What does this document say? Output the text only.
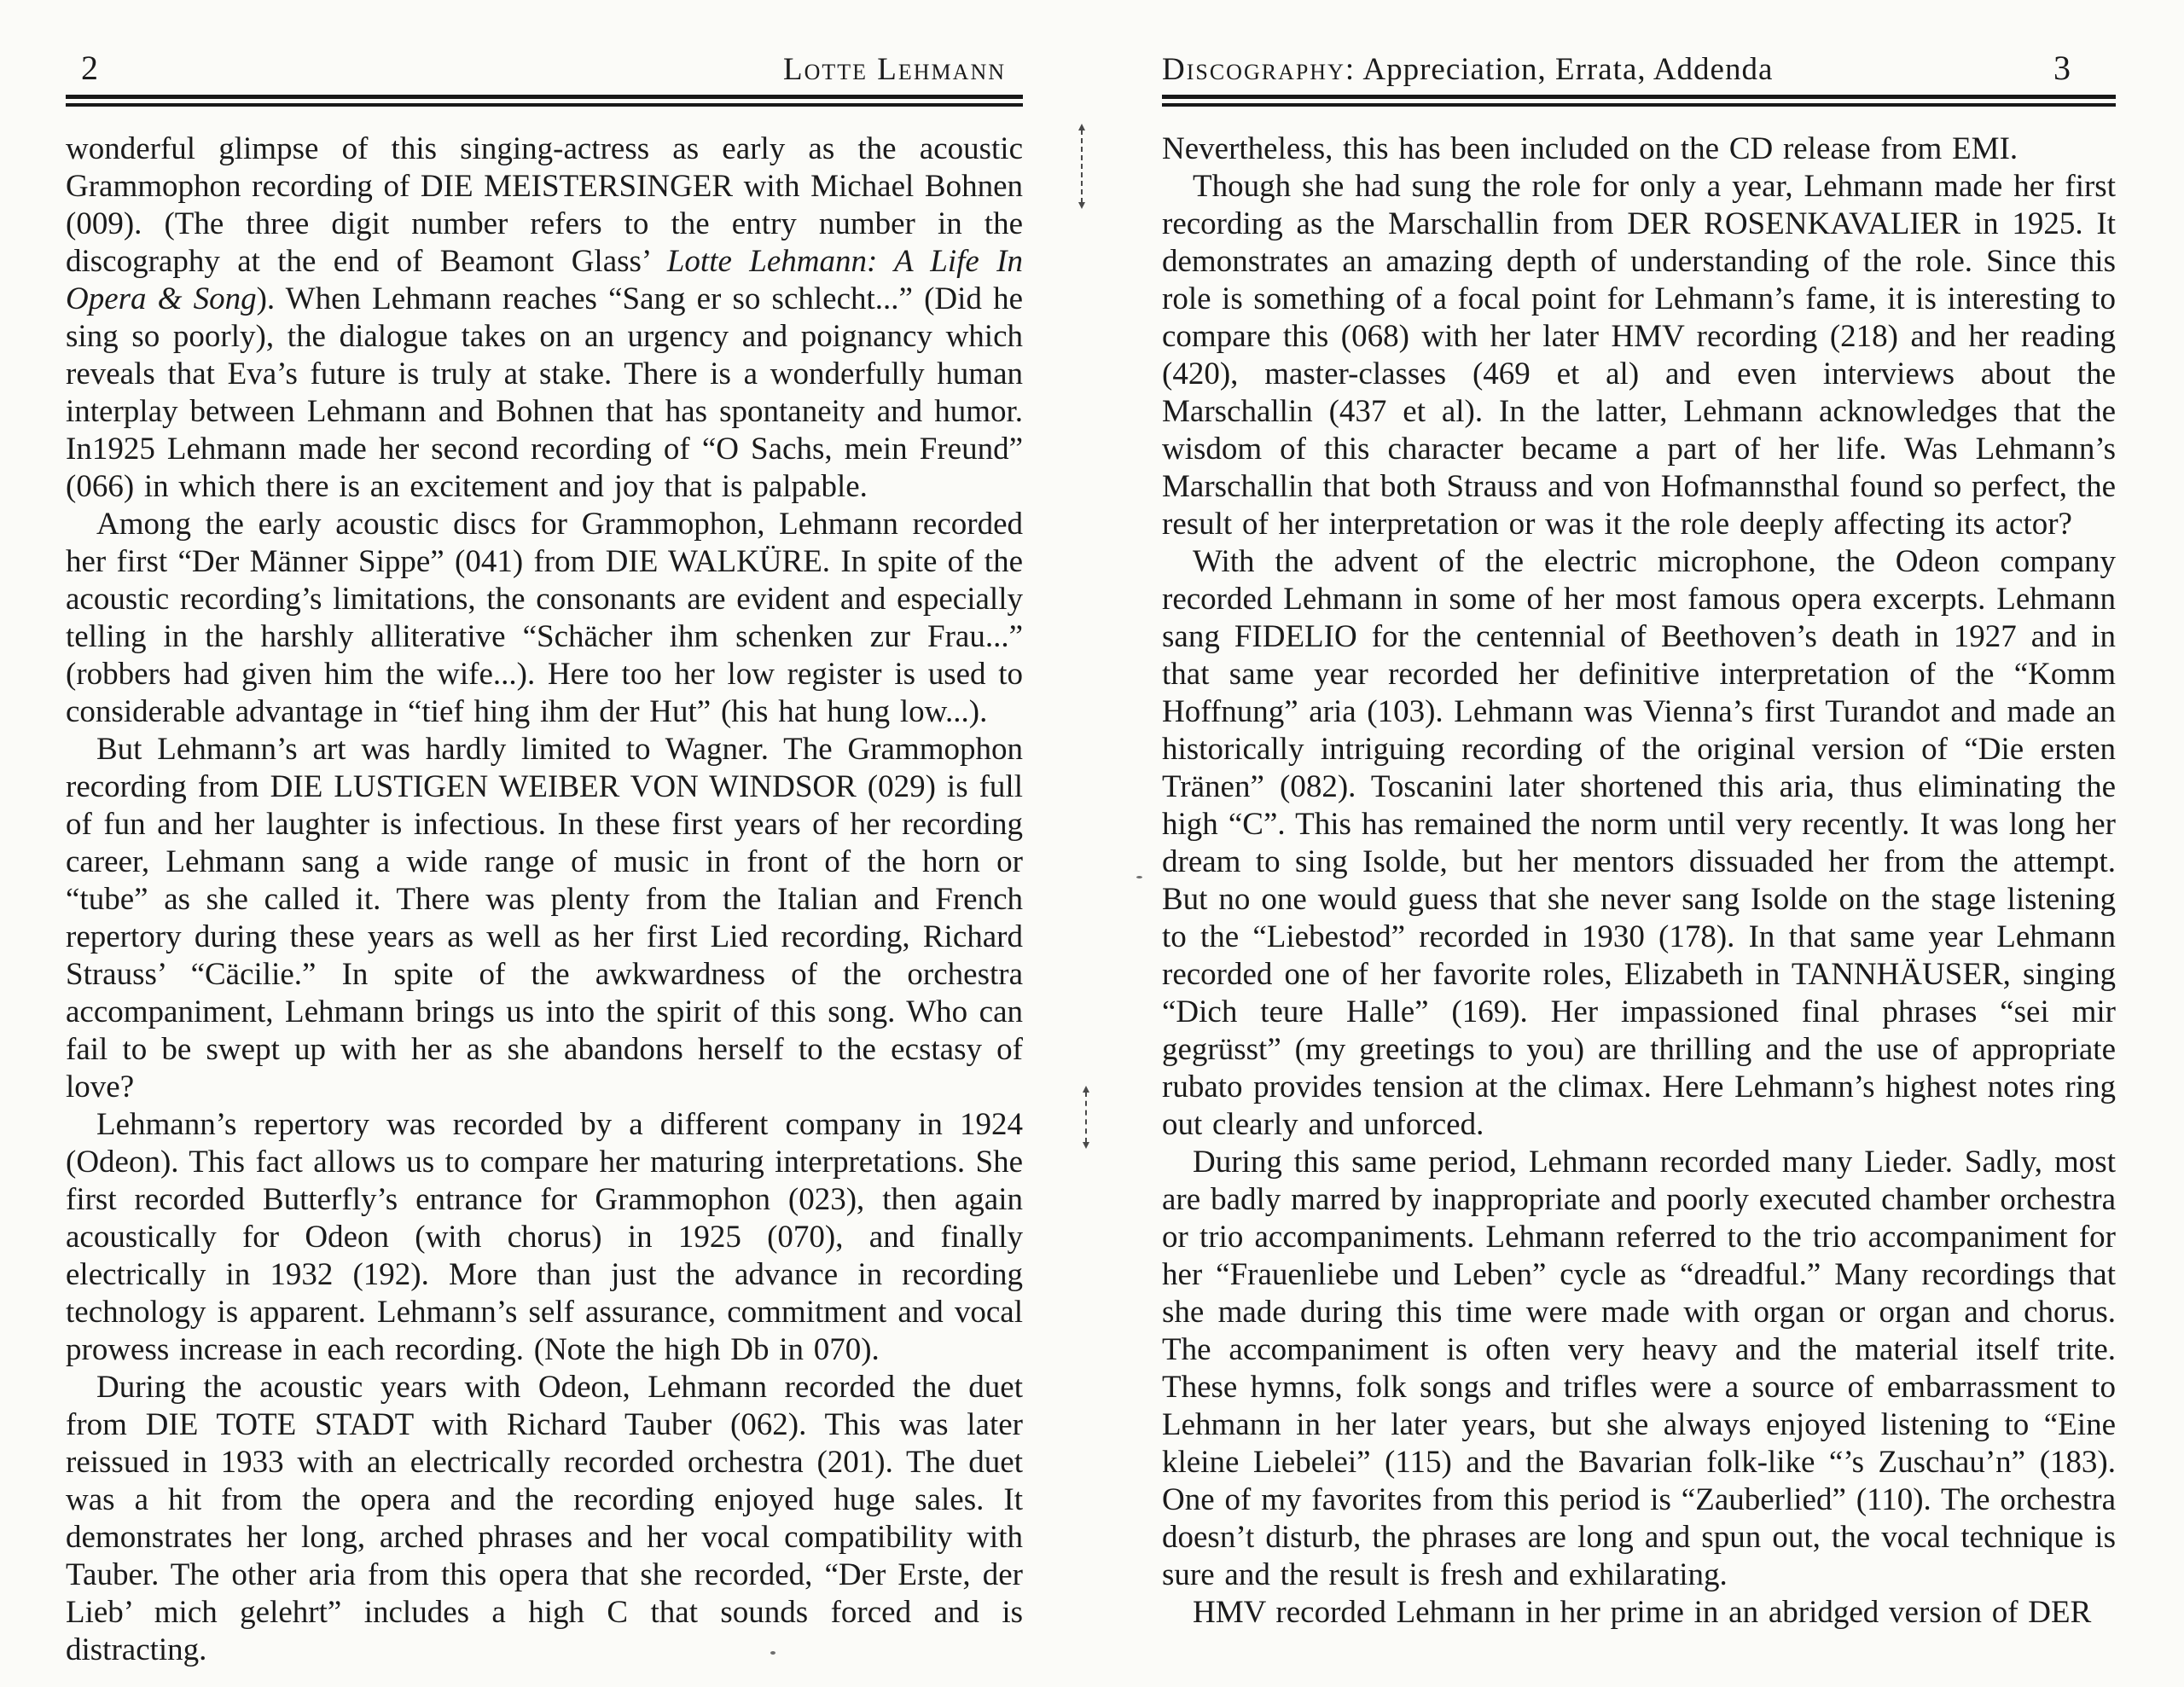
2	Lotte Lehmann

wonderful glimpse of this singing-actress as early as the acoustic Grammophon recording of DIE MEISTERSINGER with Michael Bohnen (009). (The three digit number refers to the entry number in the discography at the end of Beamont Glass’ Lotte Lehmann: A Life In Opera & Song). When Lehmann reaches “Sang er so schlecht...” (Did he sing so poorly), the dialogue takes on an urgency and poignancy which reveals that Eva’s future is truly at stake. There is a wonderfully human interplay between Lehmann and Bohnen that has spontaneity and humor. In1925 Lehmann made her second recording of “O Sachs, mein Freund” (066) in which there is an excitement and joy that is palpable.

Among the early acoustic discs for Grammophon, Lehmann recorded her first “Der Männer Sippe” (041) from DIE WALKÜRE. In spite of the acoustic recording’s limitations, the consonants are evident and especially telling in the harshly alliterative “Schächer ihm schenken zur Frau...” (robbers had given him the wife...). Here too her low register is used to considerable advantage in “tief hing ihm der Hut” (his hat hung low...).

But Lehmann’s art was hardly limited to Wagner. The Grammophon recording from DIE LUSTIGEN WEIBER VON WINDSOR (029) is full of fun and her laughter is infectious. In these first years of her recording career, Lehmann sang a wide range of music in front of the horn or “tube” as she called it. There was plenty from the Italian and French repertory during these years as well as her first Lied recording, Richard Strauss’ “Cäcilie.” In spite of the awkwardness of the orchestra accompaniment, Lehmann brings us into the spirit of this song. Who can fail to be swept up with her as she abandons herself to the ecstasy of love?

Lehmann’s repertory was recorded by a different company in 1924 (Odeon). This fact allows us to compare her maturing interpretations. She first recorded Butterfly’s entrance for Grammophon (023), then again acoustically for Odeon (with chorus) in 1925 (070), and finally electrically in 1932 (192). More than just the advance in recording technology is apparent. Lehmann’s self assurance, commitment and vocal prowess increase in each recording. (Note the high Db in 070).

During the acoustic years with Odeon, Lehmann recorded the duet from DIE TOTE STADT with Richard Tauber (062). This was later reissued in 1933 with an electrically recorded orchestra (201). The duet was a hit from the opera and the recording enjoyed huge sales. It demonstrates her long, arched phrases and her vocal compatibility with Tauber. The other aria from this opera that she recorded, “Der Erste, der Lieb’ mich gelehrt” includes a high C that sounds forced and is distracting.

Discography: Appreciation, Errata, Addenda	3

Nevertheless, this has been included on the CD release from EMI.

Though she had sung the role for only a year, Lehmann made her first recording as the Marschallin from DER ROSENKAVALIER in 1925. It demonstrates an amazing depth of understanding of the role. Since this role is something of a focal point for Lehmann’s fame, it is interesting to compare this (068) with her later HMV recording (218) and her reading (420), master-classes (469 et al) and even interviews about the Marschallin (437 et al). In the latter, Lehmann acknowledges that the wisdom of this character became a part of her life. Was Lehmann’s Marschallin that both Strauss and von Hofmannsthal found so perfect, the result of her interpretation or was it the role deeply affecting its actor?

With the advent of the electric microphone, the Odeon company recorded Lehmann in some of her most famous opera excerpts. Lehmann sang FIDELIO for the centennial of Beethoven’s death in 1927 and in that same year recorded her definitive interpretation of the “Komm Hoffnung” aria (103). Lehmann was Vienna’s first Turandot and made an historically intriguing recording of the original version of “Die ersten Tränen” (082). Toscanini later shortened this aria, thus eliminating the high “C”. This has remained the norm until very recently. It was long her dream to sing Isolde, but her mentors dissuaded her from the attempt. But no one would guess that she never sang Isolde on the stage listening to the “Liebestod” recorded in 1930 (178). In that same year Lehmann recorded one of her favorite roles, Elizabeth in TANNHÄUSER, singing “Dich teure Halle” (169). Her impassioned final phrases “sei mir gegrüsst” (my greetings to you) are thrilling and the use of appropriate rubato provides tension at the climax. Here Lehmann’s highest notes ring out clearly and unforced.

During this same period, Lehmann recorded many Lieder. Sadly, most are badly marred by inappropriate and poorly executed chamber orchestra or trio accompaniments. Lehmann referred to the trio accompaniment for her “Frauenliebe und Leben” cycle as “dreadful.” Many recordings that she made during this time were made with organ or organ and chorus. The accompaniment is often very heavy and the material itself trite. These hymns, folk songs and trifles were a source of embarrassment to Lehmann in her later years, but she always enjoyed listening to “Eine kleine Liebelei” (115) and the Bavarian folk-like “’s Zuschau’n” (183). One of my favorites from this period is “Zauberlied” (110). The orchestra doesn’t disturb, the phrases are long and spun out, the vocal technique is sure and the result is fresh and exhilarating.

HMV recorded Lehmann in her prime in an abridged version of DER
